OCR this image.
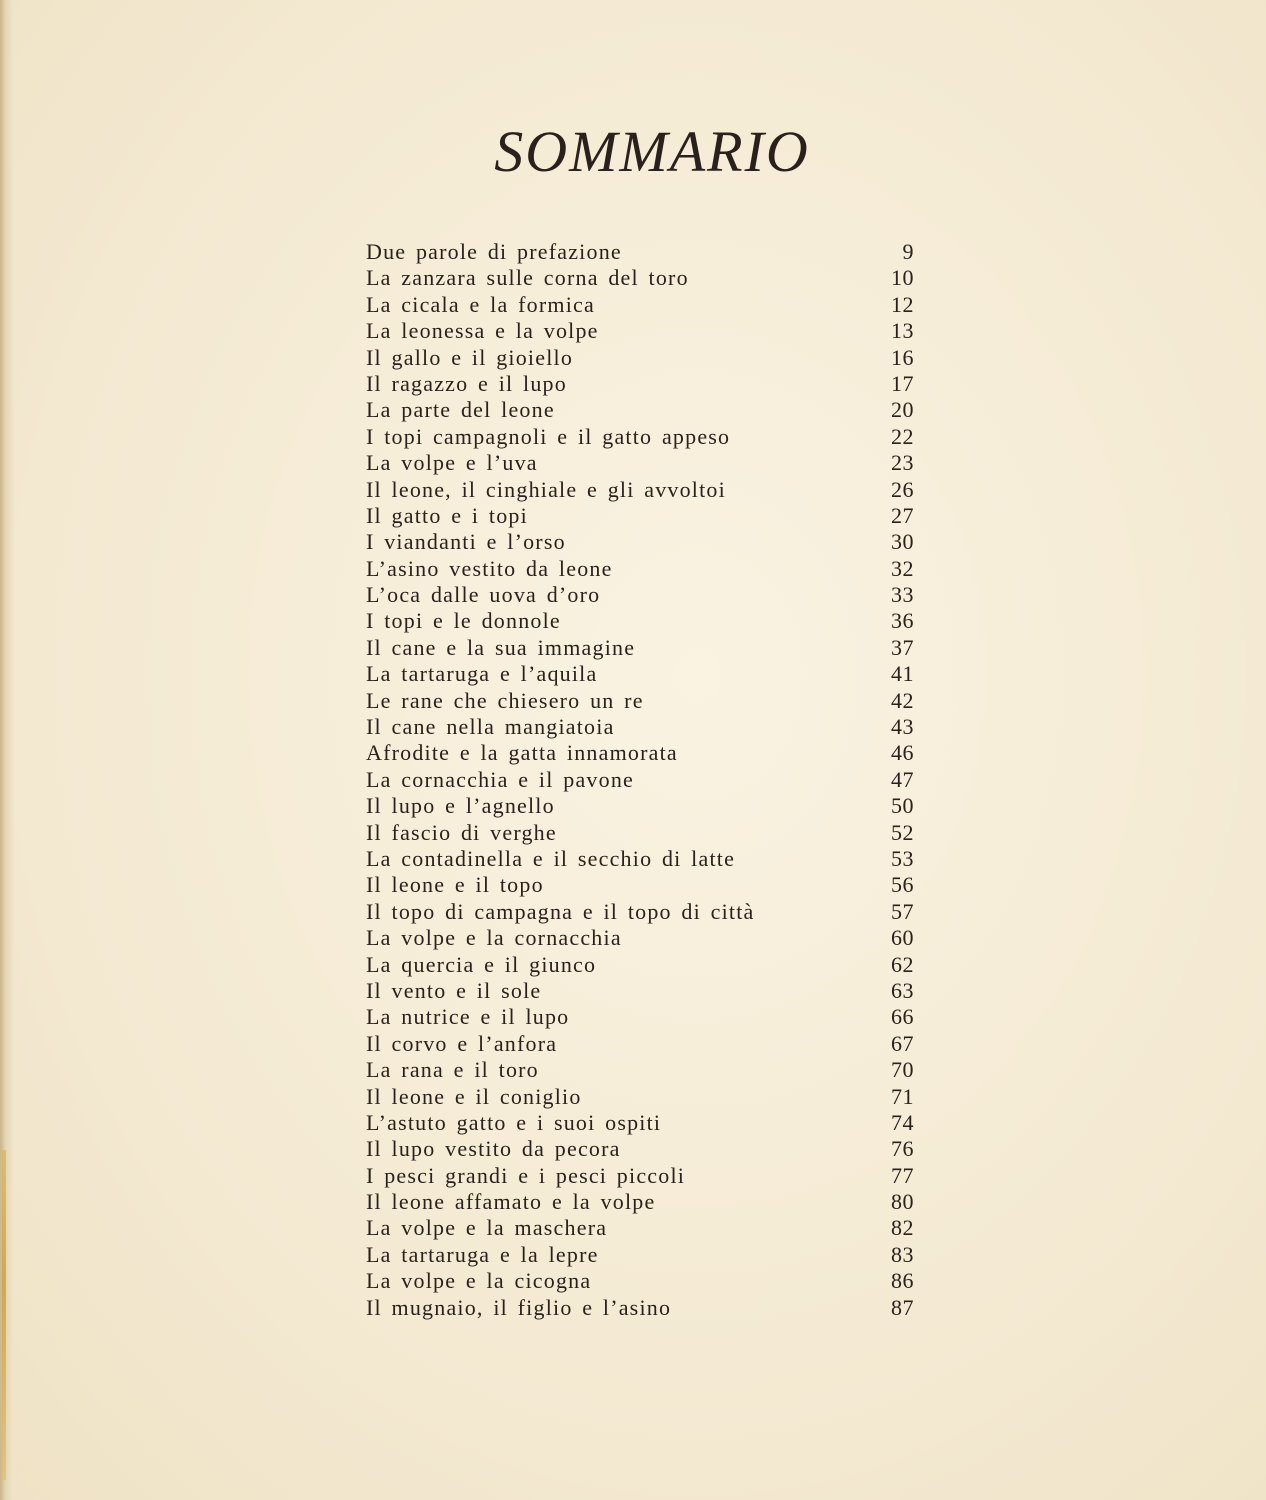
SOMMARIO
Due parole di prefazione	9
La zanzara sulle corna del toro	10
La cicala e la formica	12
La leonessa e la volpe	13
Il gallo e il gioiello	16
Il ragazzo e il lupo	17
La parte del leone	20
I topi campagnoli e il gatto appeso	22
La volpe e l’uva	23
Il leone, il cinghiale e gli avvoltoi	26
Il gatto e i topi	27
I viandanti e l’orso	30
L’asino vestito da leone	32
L’oca dalle uova d’oro	33
I topi e le donnole	36
Il cane e la sua immagine	37
La tartaruga e l’aquila	41
Le rane che chiesero un re	42
Il cane nella mangiatoia	43
Afrodite e la gatta innamorata	46
La cornacchia e il pavone	47
Il lupo e l’agnello	50
Il fascio di verghe	52
La contadinella e il secchio di latte	53
Il leone e il topo	56
Il topo di campagna e il topo di città	57
La volpe e la cornacchia	60
La quercia e il giunco	62
Il vento e il sole	63
La nutrice e il lupo	66
Il corvo e l’anfora	67
La rana e il toro	70
Il leone e il coniglio	71
L’astuto gatto e i suoi ospiti	74
Il lupo vestito da pecora	76
I pesci grandi e i pesci piccoli	77
Il leone affamato e la volpe	80
La volpe e la maschera	82
La tartaruga e la lepre	83
La volpe e la cicogna	86
Il mugnaio, il figlio e l’asino	87
